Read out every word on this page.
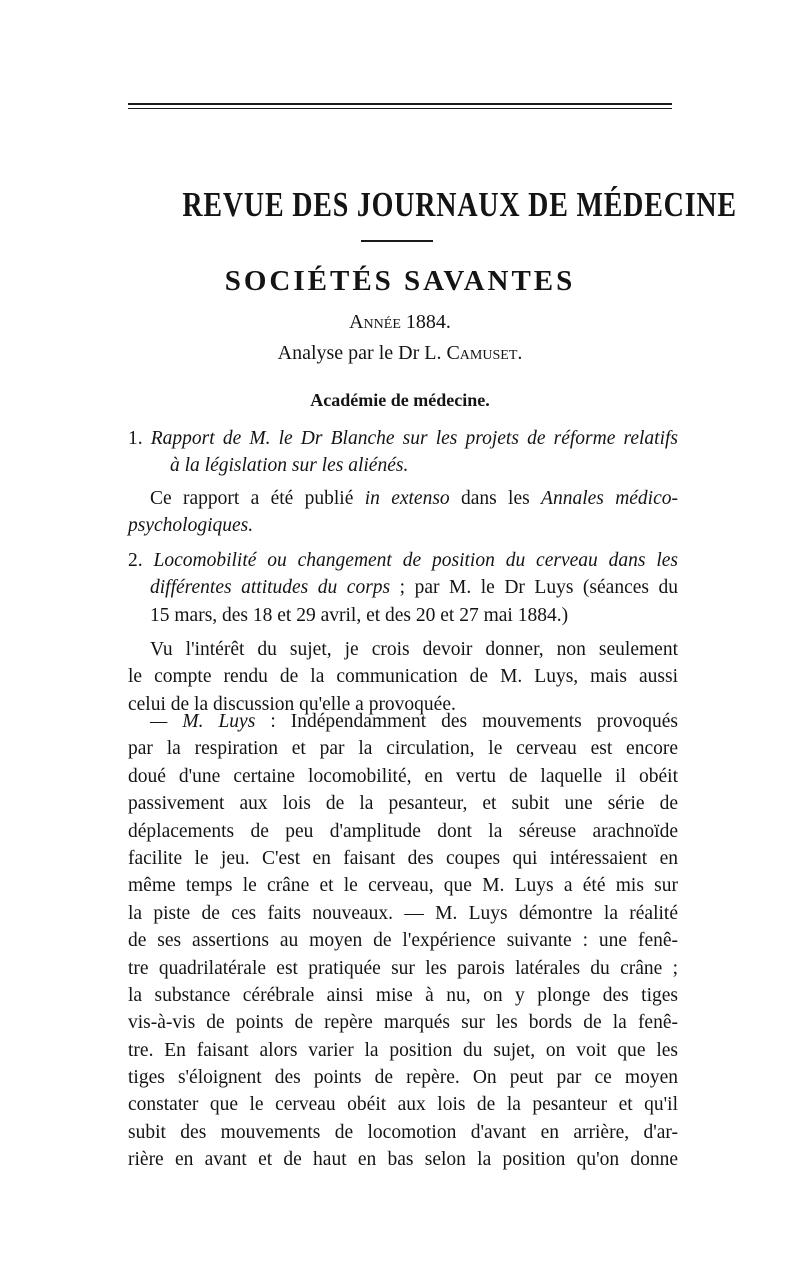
REVUE DES JOURNAUX DE MÉDECINE
SOCIÉTÉS SAVANTES

Année 1884.

Analyse par le Dr L. Camuset.

Académie de médecine.

1. Rapport de M. le Dr Blanche sur les projets de réforme relatifs
à la législation sur les aliénés.
Ce rapport a été publié in extenso dans les Annales médico-
psychologiques.
2. Locomobilité ou changement de position du cerveau dans les
différentes attitudes du corps ; par M. le Dr Luys (séances du
15 mars, des 18 et 29 avril, et des 20 et 27 mai 1884.)
Vu l'intérêt du sujet, je crois devoir donner, non seulement
le compte rendu de la communication de M. Luys, mais aussi
celui de la discussion qu'elle a provoquée.
— M. Luys : Indépendamment des mouvements provoqués
par la respiration et par la circulation, le cerveau est encore
doué d'une certaine locomobilité, en vertu de laquelle il obéit
passivement aux lois de la pesanteur, et subit une série de
déplacements de peu d'amplitude dont la séreuse arachnoïde
facilite le jeu. C'est en faisant des coupes qui intéressaient en
même temps le crâne et le cerveau, que M. Luys a été mis sur
la piste de ces faits nouveaux. — M. Luys démontre la réalité
de ses assertions au moyen de l'expérience suivante : une fenê-
tre quadrilatérale est pratiquée sur les parois latérales du crâne ;
la substance cérébrale ainsi mise à nu, on y plonge des tiges
vis-à-vis de points de repère marqués sur les bords de la fenê-
tre. En faisant alors varier la position du sujet, on voit que les
tiges s'éloignent des points de repère. On peut par ce moyen
constater que le cerveau obéit aux lois de la pesanteur et qu'il
subit des mouvements de locomotion d'avant en arrière, d'ar-
rière en avant et de haut en bas selon la position qu'on donne
